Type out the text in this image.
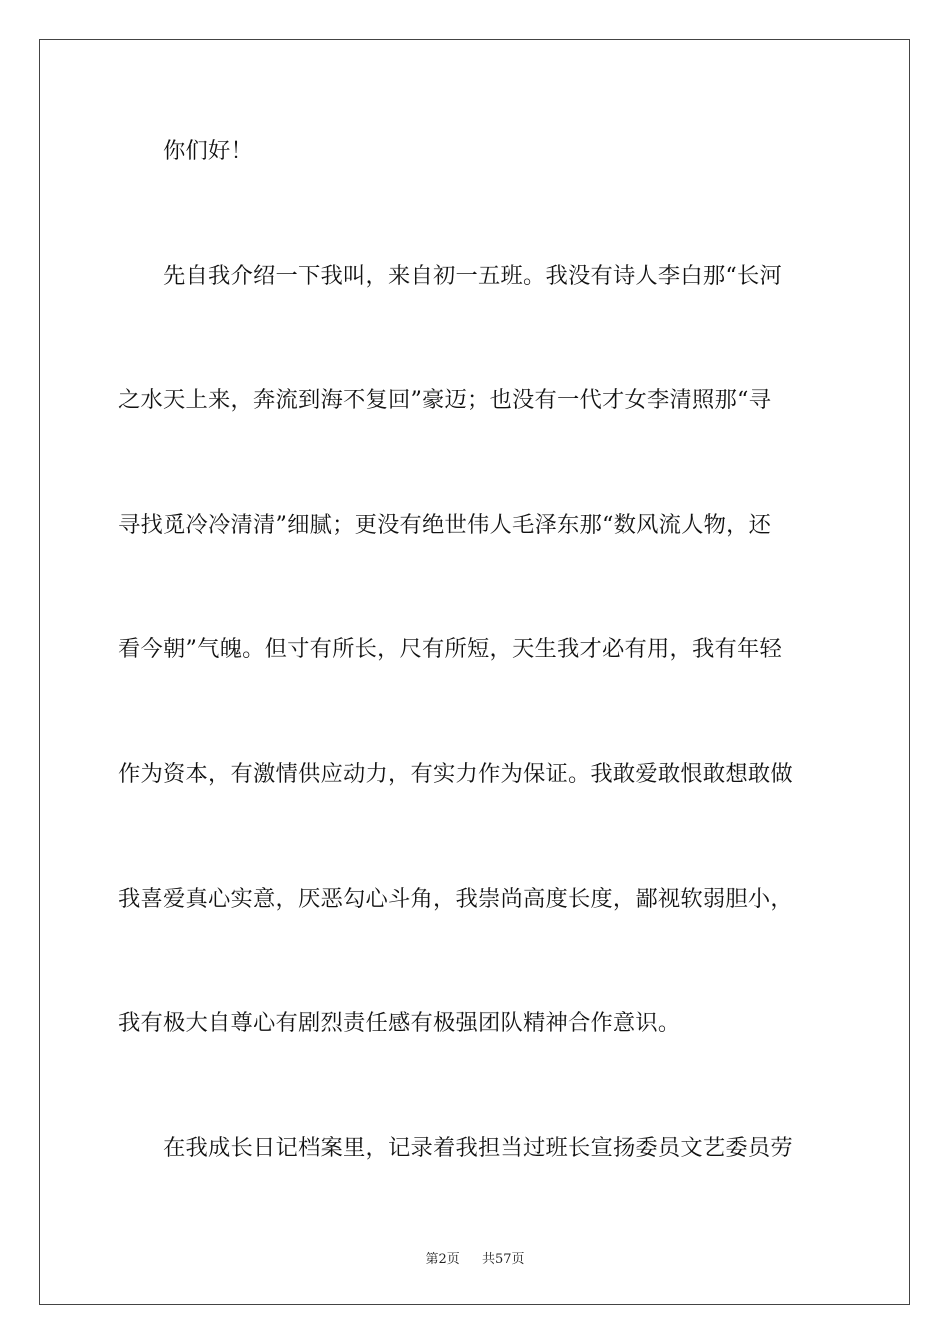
你们好！
先自我介绍一下我叫，来自初一五班。我没有诗人李白那“长河
之水天上来，奔流到海不复回”豪迈；也没有一代才女李清照那“寻
寻找觅冷冷清清”细腻；更没有绝世伟人毛泽东那“数风流人物，还
看今朝”气魄。但寸有所长，尺有所短，天生我才必有用，我有年轻
作为资本，有激情供应动力，有实力作为保证。我敢爱敢恨敢想敢做
我喜爱真心实意，厌恶勾心斗角，我崇尚高度长度，鄙视软弱胆小，
我有极大自尊心有剧烈责任感有极强团队精神合作意识。
在我成长日记档案里，记录着我担当过班长宣扬委员文艺委员劳
第2页 共57页
